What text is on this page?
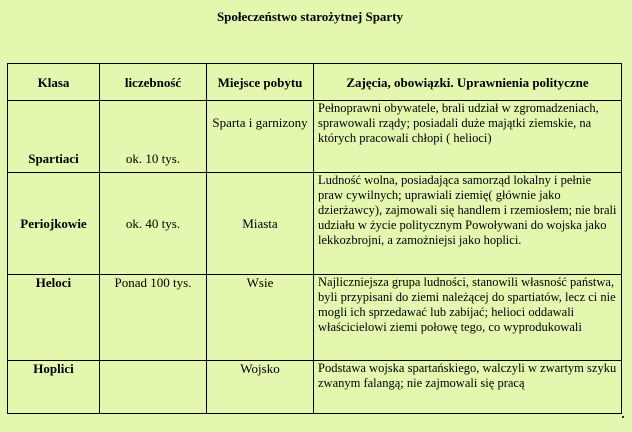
Społeczeństwo starożytnej Sparty
Klasa	liczebność	Miejsce pobytu	Zajęcia, obowiązki. Uprawnienia polityczne
Spartiaci	ok. 10 tys.	Sparta i garnizony	Pełnoprawni obywatele, brali udział w zgromadzeniach, sprawowali rządy; posiadali duże majątki ziemskie, na których pracowali chłopi ( helioci)
Periojkowie	ok. 40 tys.	Miasta	Ludność wolna, posiadająca samorząd lokalny i pełnie praw cywilnych; uprawiali ziemię( głównie jako dzierżawcy), zajmowali się handlem i rzemiosłem; nie brali udziału w życie politycznym Powoływani do wojska jako lekkozbrojni, a zamożniejsi jako hoplici.
Heloci	Ponad 100 tys.	Wsie	Najliczniejsza grupa ludności, stanowili własność państwa, byli przypisani do ziemi należącej do spartiatów, lecz ci nie mogli ich sprzedawać lub zabijać; helioci oddawali właścicielowi ziemi połowę tego, co wyprodukowali
Hoplici		Wojsko	Podstawa wojska spartańskiego, walczyli w zwartym szyku zwanym falangą; nie zajmowali się pracą
